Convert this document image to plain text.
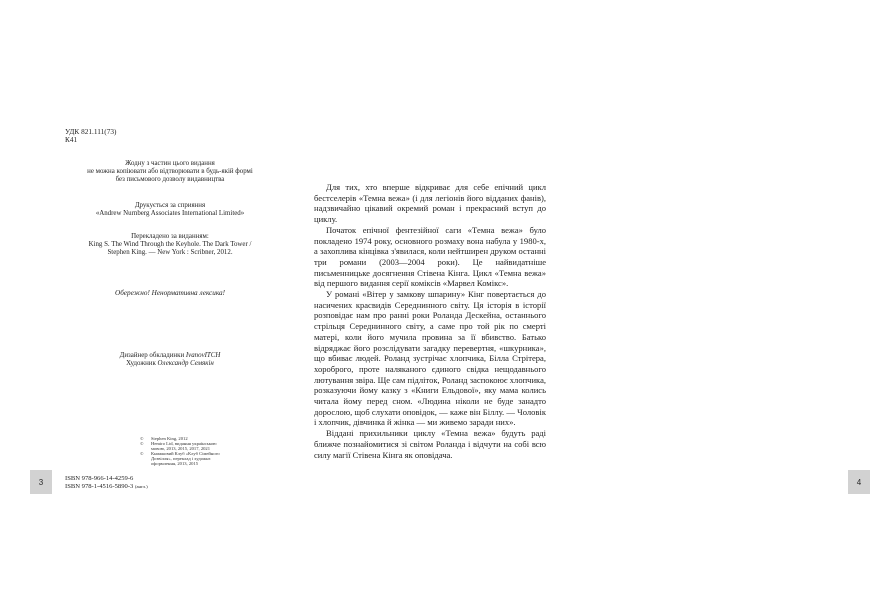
УДК 821.111(73)
К41
Жодну з частин цього видання
не можна копіювати або відтворювати в будь-якій формі
без письмового дозволу видавництва
Друкується за сприяння
«Andrew Nurnberg Associates International Limited»
Перекладено за виданням:
King S. The Wind Through the Keyhole. The Dark Tower /
Stephen King. — New York : Scribner, 2012.
Обережно! Ненормативна лексика!
Дизайнер обкладинки IvanovITCH
Художник Олександр Семякін
©	Stephen King, 2012
©	Hemiro Ltd, видання українською мовою, 2013, 2015, 2017, 2021
©	Книжковий Клуб «Клуб Сімейного Дозвілля», переклад і художнє оформлення, 2013, 2015
ISBN 978-966-14-4259-6
ISBN 978-1-4516-5890-3 (англ.)
3	4

Для тих, хто вперше відкриває для себе епічний цикл бестселерів «Темна вежа» (і для легіонів його відданих фанів), надзвичайно цікавий окремий роман і прекрасний вступ до циклу.

Початок епічної фентезійної саги «Темна вежа» було покладено 1974 року, основного розмаху вона набула у 1980-х, а захоплива кінцівка з'явилася, коли нейтширен друком останні три романи (2003—2004 роки). Це найвидатніше письменницьке досягнення Стівена Кінга. Цикл «Темна вежа» від першого видання серії коміксів «Марвел Комікс».

У романі «Вітер у замкову шпарину» Кінг повертається до насичених красвидів Середнинного світу. Ця історія в історії розповідає нам про ранні роки Роланда Дескейна, останнього стрільця Середнинного світу, а саме про той рік по смерті матері, коли його мучила провина за її вбивство. Батько відряджає його розслідувати загадку перевертня, «шкурника», що вбиває людей. Роланд зустрічає хлопчика, Білла Стрітера, хороброго, проте наляканого єдиного свідка нещодавнього лютування звіра. Ще сам підліток, Роланд заспокоює хлопчика, розказуючи йому казку з «Книги Ельдової», яку мама колись читала йому перед сном. «Людина ніколи не буде занадто дорослою, щоб слухати оповідок, — каже він Біллу. — Чоловік і хлопчик, дівчинка й жінка — ми живемо заради них».

Віддані прихильники циклу «Темна вежа» будуть раді ближче познайомитися зі світом Роланда і відчути на собі всю силу магії Стівена Кінга як оповідача.
